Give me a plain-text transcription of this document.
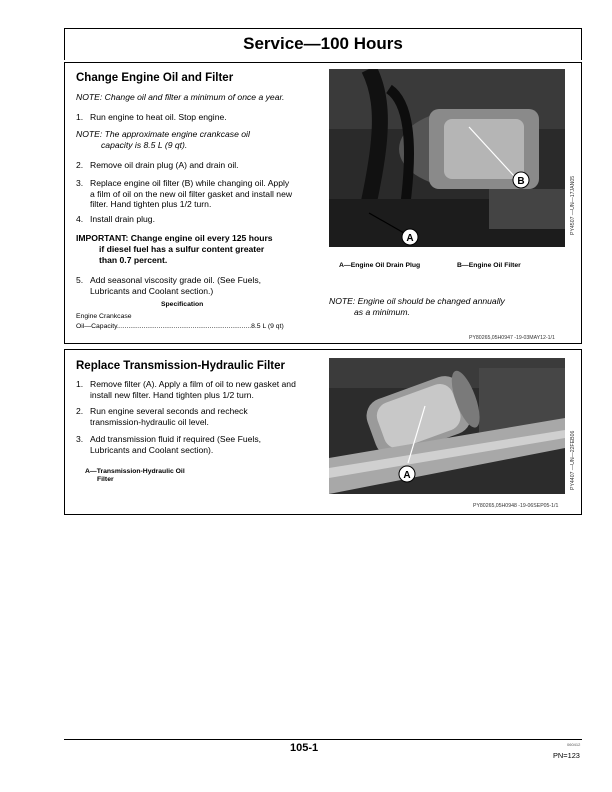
Service—100 Hours
Change Engine Oil and Filter
NOTE: Change oil and filter a minimum of once a year.
1. Run engine to heat oil. Stop engine.
NOTE: The approximate engine crankcase oil
capacity is 8.5 L (9 qt).
2. Remove oil drain plug (A) and drain oil.
3. Replace engine oil filter (B) while changing oil. Apply
a film of oil on the new oil filter gasket and install new
filter. Hand tighten plus 1/2 turn.
4. Install drain plug.
IMPORTANT: Change engine oil every 125 hours
if diesel fuel has a sulfur content greater
than 0.7 percent.
5. Add seasonal viscosity grade oil. (See Fuels,
Lubricants and Coolant section.)
Specification
Engine Crankcase
Oil—Capacity.......................................................................8.5 L (9 qt)
B
A
PY4507 —UN—17JAN05
A—Engine Oil Drain Plug	B—Engine Oil Filter
NOTE: Engine oil should be changed annually
as a minimum.
PY80265,05H0947 -19-03MAY12-1/1
Replace Transmission-Hydraulic Filter
1. Remove filter (A). Apply a film of oil to new gasket and
install new filter. Hand tighten plus 1/2 turn.
2. Run engine several seconds and recheck
transmission-hydraulic oil level.
3. Add transmission fluid if required (See Fuels,
Lubricants and Coolant section).
A—Transmission-Hydraulic Oil
Filter	A	PY4407 —UN—22FEB06
PY80265,05H0948 -19-06SEP05-1/1
105-1	060412
PN=123
